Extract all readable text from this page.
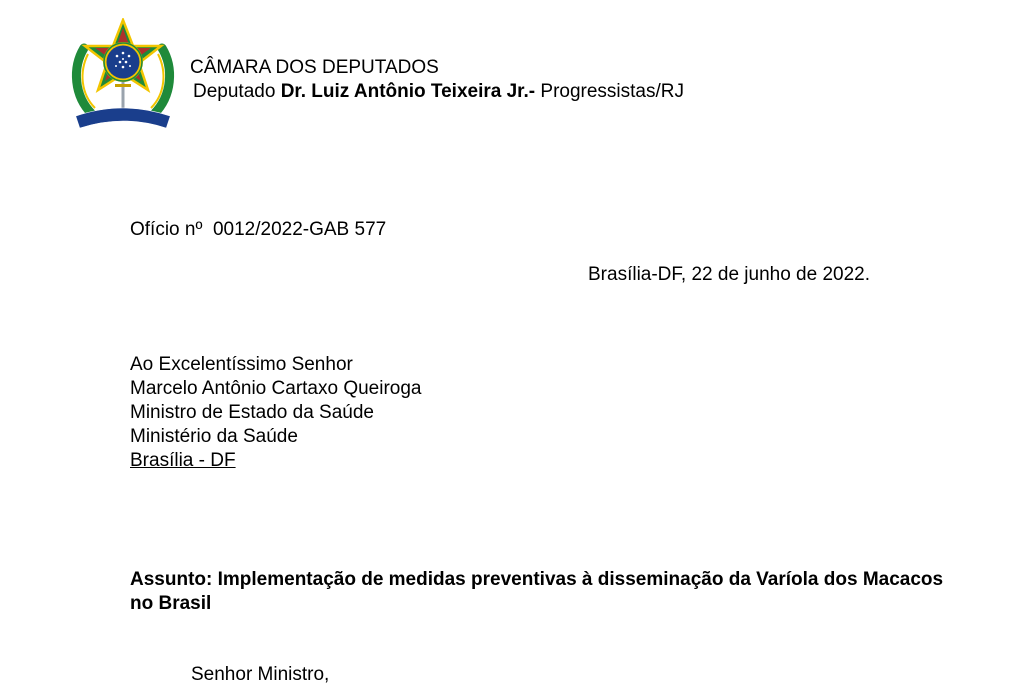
CÂMARA DOS DEPUTADOS
Deputado Dr. Luiz Antônio Teixeira Jr.- Progressistas/RJ
Ofício nº  0012/2022-GAB 577
Brasília-DF, 22 de junho de 2022.
Ao Excelentíssimo Senhor
Marcelo Antônio Cartaxo Queiroga
Ministro de Estado da Saúde
Ministério da Saúde
Brasília - DF
Assunto: Implementação de medidas preventivas à disseminação da Varíola dos Macacos no Brasil
Senhor Ministro,
